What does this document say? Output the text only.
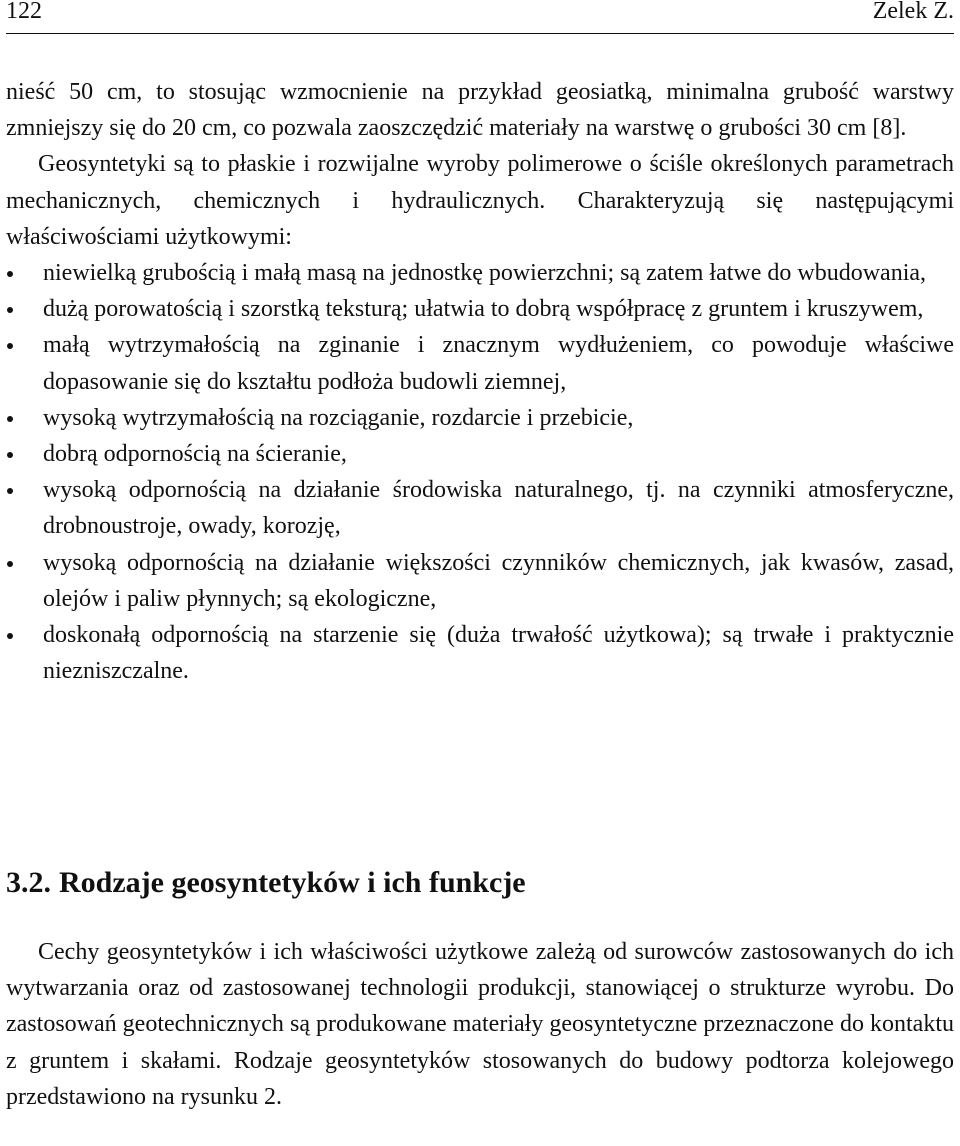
122	Zelek Z.

nieść 50 cm, to stosując wzmocnienie na przykład geosiatką, minimalna grubość warstwy zmniejszy się do 20 cm, co pozwala zaoszczędzić materiały na warstwę o grubości 30 cm [8].

Geosyntetyki są to płaskie i rozwijalne wyroby polimerowe o ściśle określonych parametrach mechanicznych, chemicznych i hydraulicznych. Charakteryzują się następującymi właściwościami użytkowymi:

niewielką grubością i małą masą na jednostkę powierzchni; są zatem łatwe do wbudowania,
dużą porowatością i szorstką teksturą; ułatwia to dobrą współpracę z gruntem i kruszywem,
małą wytrzymałością na zginanie i znacznym wydłużeniem, co powoduje właściwe dopasowanie się do kształtu podłoża budowli ziemnej,
wysoką wytrzymałością na rozciąganie, rozdarcie i przebicie,
dobrą odpornością na ścieranie,
wysoką odpornością na działanie środowiska naturalnego, tj. na czynniki atmosferyczne, drobnoustroje, owady, korozję,
wysoką odpornością na działanie większości czynników chemicznych, jak kwasów, zasad, olejów i paliw płynnych; są ekologiczne,
doskonałą odpornością na starzenie się (duża trwałość użytkowa); są trwałe i praktycznie niezniszczalne.
3.2. Rodzaje geosyntetyków i ich funkcje

Cechy geosyntetyków i ich właściwości użytkowe zależą od surowców zastosowanych do ich wytwarzania oraz od zastosowanej technologii produkcji, stanowiącej o strukturze wyrobu. Do zastosowań geotechnicznych są produkowane materiały geosyntetyczne przeznaczone do kontaktu z gruntem i skałami. Rodzaje geosyntetyków stosowanych do budowy podtorza kolejowego przedstawiono na rysunku 2.
